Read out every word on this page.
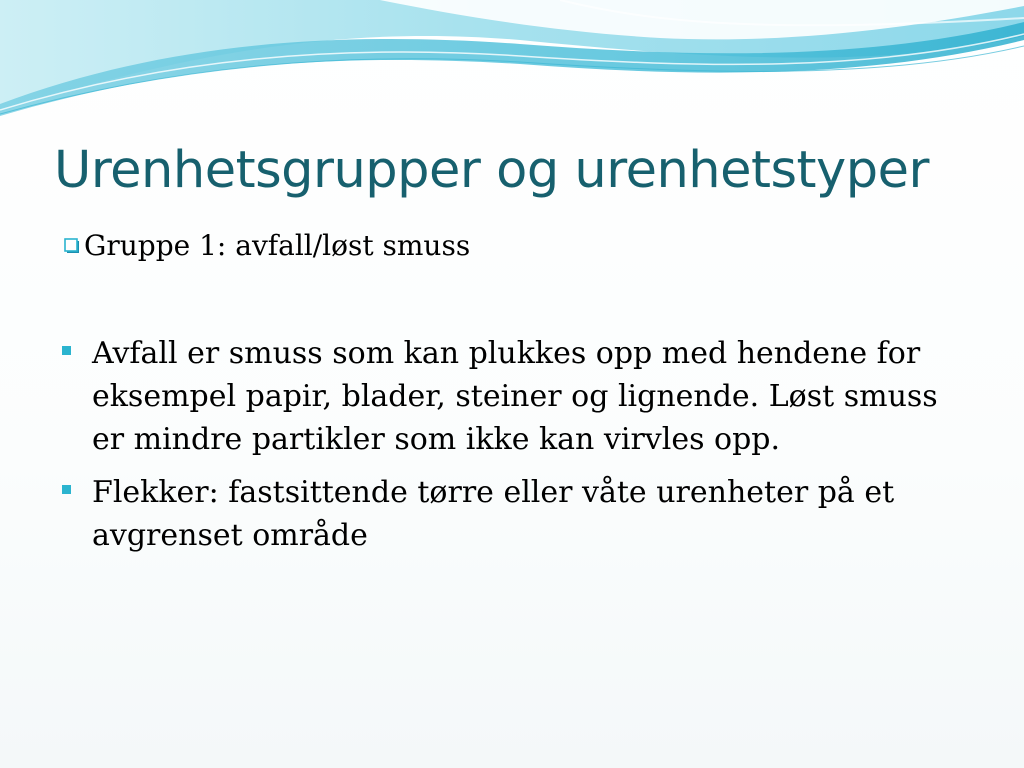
Urenhetsgrupper og urenhetstyper
Gruppe 1: avfall/løst smuss
Avfall er smuss som kan plukkes opp med hendene for eksempel papir, blader, steiner og lignende. Løst smuss er mindre partikler som ikke kan virvles opp.
Flekker: fastsittende tørre eller våte urenheter på et avgrenset område
